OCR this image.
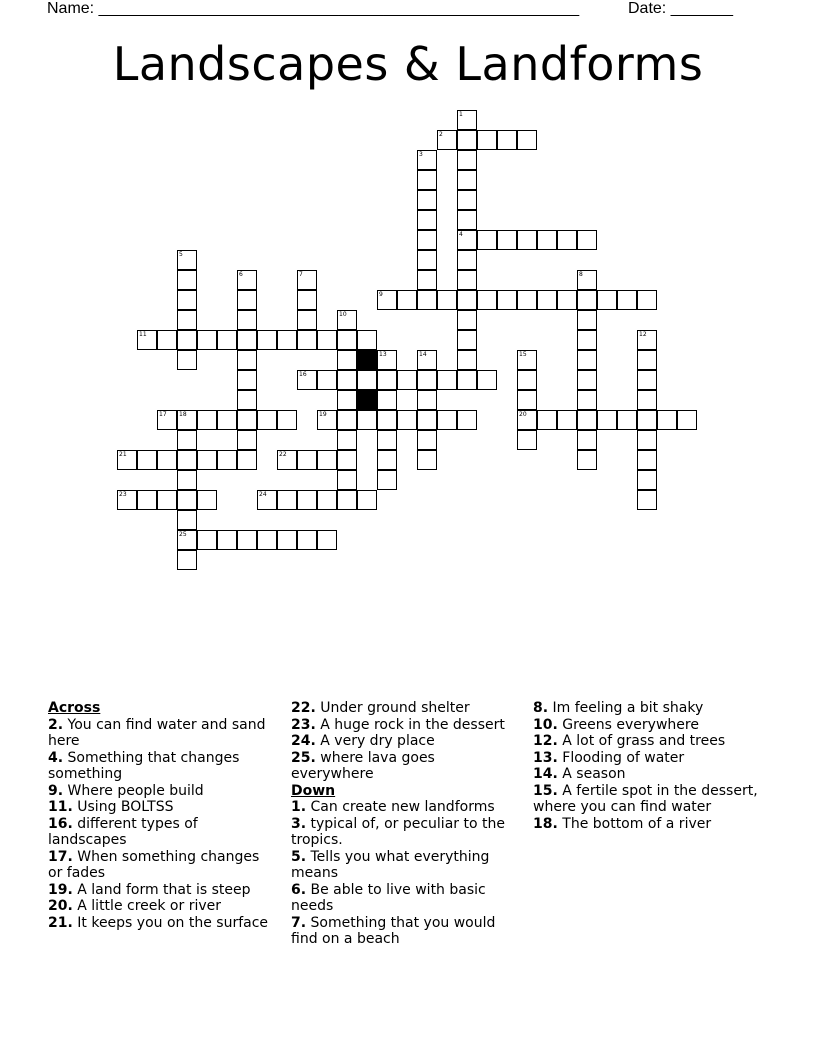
Name: ______________________________________________________	Date: _______
Landscapes & Landforms
1
4
2
3
5
6	7	8
9
10
11	12
13	14	15
20
16
17 18
25
19
21	22
23	24
Across
2. You can find water and sand here
4. Something that changes something
9. Where people build
11. Using BOLTSS
16. different types of landscapes
17. When something changes or fades
19. A land form that is steep
20. A little creek or river
21. It keeps you on the surface
22. Under ground shelter
23. A huge rock in the dessert
24. A very dry place
25. where lava goes everywhere
Down
1. Can create new landforms
3. typical of, or peculiar to the tropics.
5. Tells you what everything means
6. Be able to live with basic needs
7. Something that you would find on a beach
8. Im feeling a bit shaky
10. Greens everywhere
12. A lot of grass and trees
13. Flooding of water
14. A season
15. A fertile spot in the dessert, where you can find water
18. The bottom of a river
